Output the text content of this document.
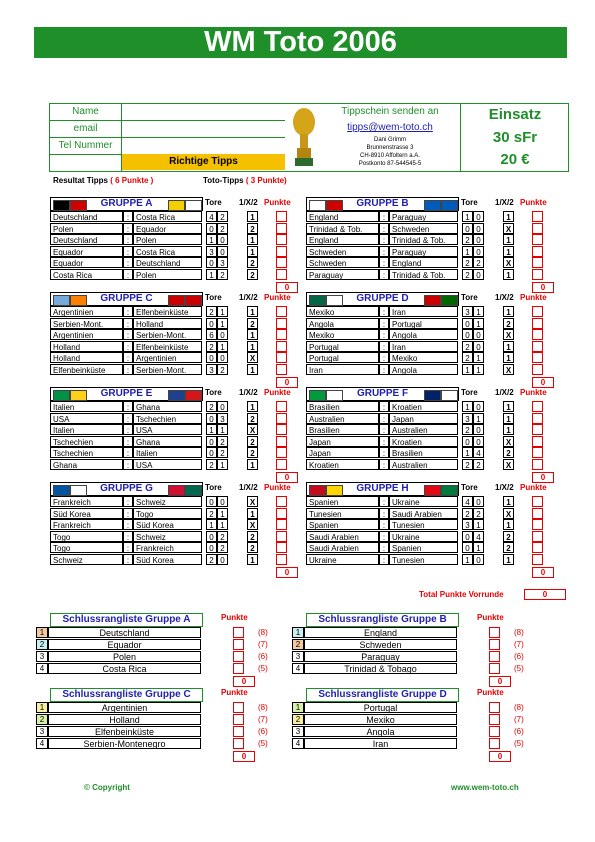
WM Toto 2006
Name
email
Tel Nummer
Richtige Tipps
Tippschein senden an
tipps@wem-toto.ch
Dani Grimm
Brunnenstrasse 3
CH-8910 Affoltern a.A.
Postkonto 87-544545-5
Einsatz
30 sFr
20 €
Resultat Tipps ( 6 Punkte )	Toto-Tipps ( 3 Punkte)
GRUPPE A	Tore 1/X/2 Punkte
Deutschland	: Costa Rica	4 2	1
Polen	: Equador	0 2	2
Deutschland	: Polen	1 0	1
Equador	: Costa Rica	3 0	1
Equador	: Deutschland	0 3	2
Costa Rica	: Polen	1 2	2
0
GRUPPE B	Tore 1/X/2 Punkte
England	: Paraguay	1 0	1
Trinidad & Tob.	: Schweden	0 0	X
England	: Trinidad & Tob.	2 0	1
Schweden	: Paraguay	1 0	1
Schweden	: England	2 2	X
Paraguay	: Trinidad & Tob.	2 0	1
0
GRUPPE C	Tore 1/X/2 Punkte
Argentinien	: Elfenbeinküste	2 1	1
Serbien-Mont.	: Holland	0 1	2
Argentinien	: Serbien-Mont.	6 0	1
Holland	: Elfenbeinküste	2 1	1
Holland	: Argentinien	0 0	X
Elfenbeinküste	: Serbien-Mont.	3 2	1
0
GRUPPE D	Tore 1/X/2 Punkte
Mexiko	: Iran	3 1	1
Angola	: Portugal	0 1	2
Mexiko	: Angola	0 0	X
Portugal	: Iran	2 0	1
Portugal	: Mexiko	2 1	1
Iran	: Angola	1 1	X
0
GRUPPE E	Tore 1/X/2 Punkte
Italien	: Ghana	2 0	1
USA	: Tschechien	0 3	2
Italien	: USA	1 1	X
Tschechien	: Ghana	0 2	2
Tschechien	: Italien	0 2	2
Ghana	: USA	2 1	1
0
GRUPPE F	Tore 1/X/2 Punkte
Brasilien	: Kroatien	1 0	1
Australien	: Japan	3 1	1
Brasilien	: Australien	2 0	1
Japan	: Kroatien	0 0	X
Japan	: Brasilien	1 4	2
Kroatien	: Australien	2 2	X
0
GRUPPE G	Tore 1/X/2 Punkte
Frankreich	: Schweiz	0 0	X
Süd Korea	: Togo	2 1	1
Frankreich	: Süd Korea	1 1	X
Togo	: Schweiz	0 2	2
Togo	: Frankreich	0 2	2
Schweiz	: Süd Korea	2 0	1
0
GRUPPE H	Tore 1/X/2 Punkte
Spanien	: Ukraine	4 0	1
Tunesien	: Saudi Arabien	2 2	X
Spanien	: Tunesien	3 1	1
Saudi Arabien	: Ukraine	0 4	2
Saudi Arabien	: Spanien	0 1	2
Ukraine	: Tunesien	1 0	1
0
Total Punkte Vorrunde	0
Schlussrangliste Gruppe A	Punkte
1	Deutschland	(8)
2	Equador	(7)
3	Polen	(6)
4	Costa Rica	(5)
0
Schlussrangliste Gruppe B	Punkte
1	England	(8)
2	Schweden	(7)
3	Paraguay	(6)
4	Trinidad & Tobago	(5)
0
Schlussrangliste Gruppe C	Punkte
1	Argentinien	(8)
2	Holland	(7)
3	Elfenbeinküste	(6)
4	Serbien-Montenegro	(5)
0
Schlussrangliste Gruppe D	Punkte
1	Portugal	(8)
2	Mexiko	(7)
3	Angola	(6)
4	Iran	(5)
0
© Copyright	www.wem-toto.ch
